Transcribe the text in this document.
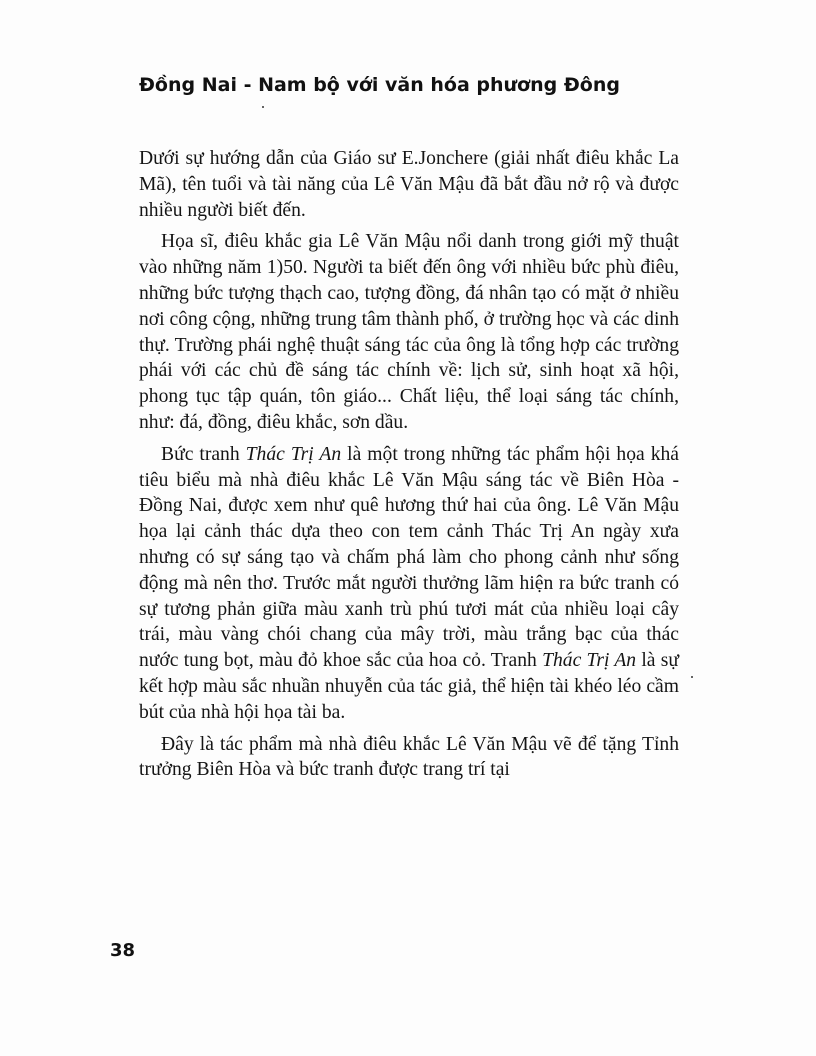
Đồng Nai - Nam bộ với văn hóa phương Đông

Dưới sự hướng dẫn của Giáo sư E.Jonchere (giải nhất điêu khắc La Mã), tên tuổi và tài năng của Lê Văn Mậu đã bắt đầu nở rộ và được nhiều người biết đến.

Họa sĩ, điêu khắc gia Lê Văn Mậu nổi danh trong giới mỹ thuật vào những năm 1)50. Người ta biết đến ông với nhiều bức phù điêu, những bức tượng thạch cao, tượng đồng, đá nhân tạo có mặt ở nhiều nơi công cộng, những trung tâm thành phố, ở trường học và các dinh thự. Trường phái nghệ thuật sáng tác của ông là tổng hợp các trường phái với các chủ đề sáng tác chính về: lịch sử, sinh hoạt xã hội, phong tục tập quán, tôn giáo... Chất liệu, thể loại sáng tác chính, như: đá, đồng, điêu khắc, sơn dầu.

Bức tranh Thác Trị An là một trong những tác phẩm hội họa khá tiêu biểu mà nhà điêu khắc Lê Văn Mậu sáng tác về Biên Hòa - Đồng Nai, được xem như quê hương thứ hai của ông. Lê Văn Mậu họa lại cảnh thác dựa theo con tem cảnh Thác Trị An ngày xưa nhưng có sự sáng tạo và chấm phá làm cho phong cảnh như sống động mà nên thơ. Trước mắt người thưởng lãm hiện ra bức tranh có sự tương phản giữa màu xanh trù phú tươi mát của nhiều loại cây trái, màu vàng chói chang của mây trời, màu trắng bạc của thác nước tung bọt, màu đỏ khoe sắc của hoa cỏ. Tranh Thác Trị An là sự kết hợp màu sắc nhuần nhuyễn của tác giả, thể hiện tài khéo léo cầm bút của nhà hội họa tài ba.

Đây là tác phẩm mà nhà điêu khắc Lê Văn Mậu vẽ để tặng Tỉnh trưởng Biên Hòa và bức tranh được trang trí tại

38
